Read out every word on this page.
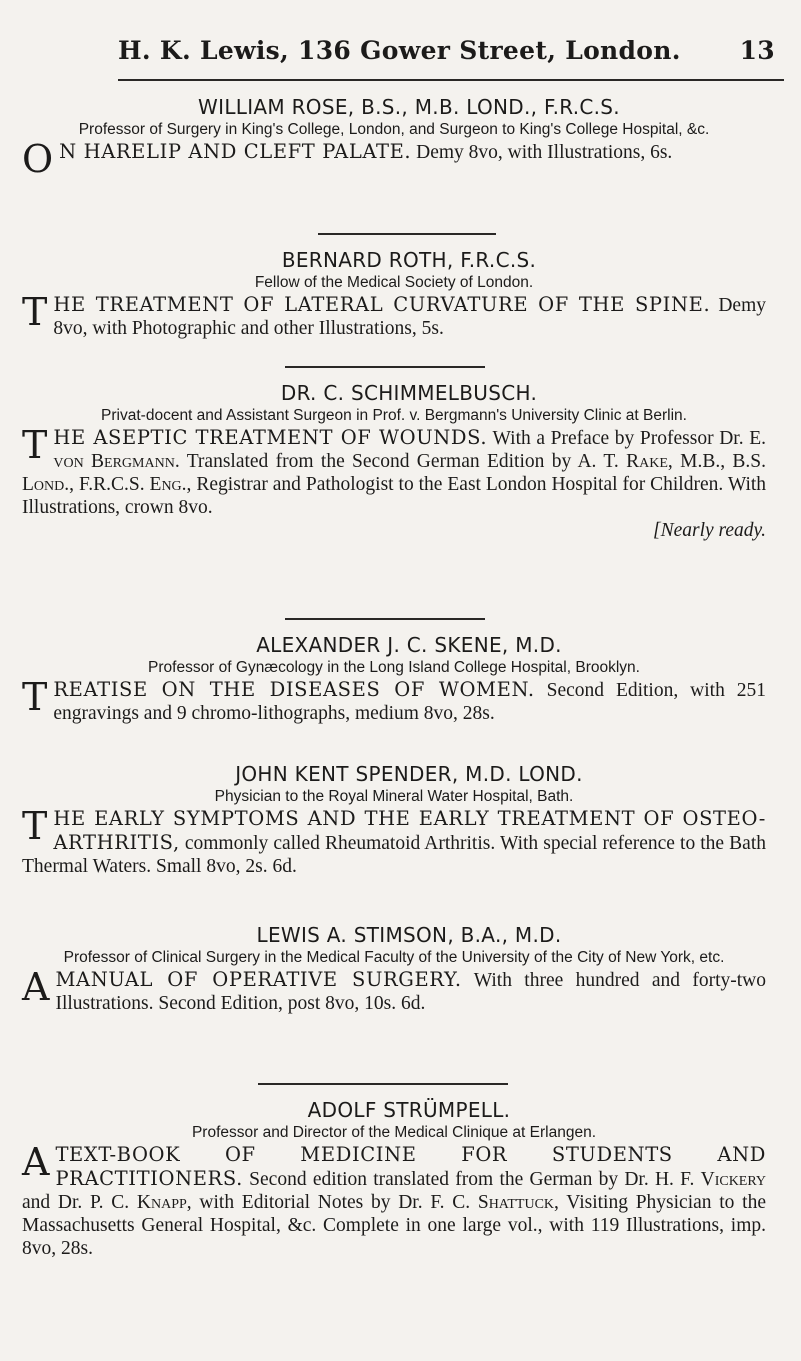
H. K. Lewis, 136 Gower Street, London. 13
WILLIAM ROSE, B.S., M.B. LOND., F.R.C.S.
Professor of Surgery in King's College, London, and Surgeon to King's College Hospital, &c.
O N HARELIP AND CLEFT PALATE. Demy 8vo, with Illustrations, 6s.
BERNARD ROTH, F.R.C.S.
Fellow of the Medical Society of London.
THE TREATMENT OF LATERAL CURVATURE OF THE SPINE. Demy 8vo, with Photographic and other Illustrations, 5s.
DR. C. SCHIMMELBUSCH.
Privat-docent and Assistant Surgeon in Prof. v. Bergmann's University Clinic at Berlin.
THE ASEPTIC TREATMENT OF WOUNDS. With a Preface by Professor Dr. E. von Bergmann. Translated from the Second German Edition by A. T. Rake, M.B., B.S. Lond., F.R.C.S. Eng., Registrar and Pathologist to the East London Hospital for Children. With Illustrations, crown 8vo.
[Nearly ready.
ALEXANDER J. C. SKENE, M.D.
Professor of Gynæcology in the Long Island College Hospital, Brooklyn.
TREATISE ON THE DISEASES OF WOMEN. Second Edition, with 251 engravings and 9 chromo-lithographs, medium 8vo, 28s.
JOHN KENT SPENDER, M.D. LOND.
Physician to the Royal Mineral Water Hospital, Bath.
THE EARLY SYMPTOMS AND THE EARLY TREATMENT OF OSTEO-ARTHRITIS, commonly called Rheumatoid Arthritis. With special reference to the Bath Thermal Waters. Small 8vo, 2s. 6d.
LEWIS A. STIMSON, B.A., M.D.
Professor of Clinical Surgery in the Medical Faculty of the University of the City of New York, etc.
AMANUAL OF OPERATIVE SURGERY. With three hundred and forty-two Illustrations. Second Edition, post 8vo, 10s. 6d.
ADOLF STRÜMPELL.
Professor and Director of the Medical Clinique at Erlangen.
ATEXT-BOOK OF MEDICINE FOR STUDENTS AND PRACTITIONERS. Second edition translated from the German by Dr. H. F. Vickery and Dr. P. C. Knapp, with Editorial Notes by Dr. F. C. Shattuck, Visiting Physician to the Massachusetts General Hospital, &c. Complete in one large vol., with 119 Illustrations, imp. 8vo, 28s.
